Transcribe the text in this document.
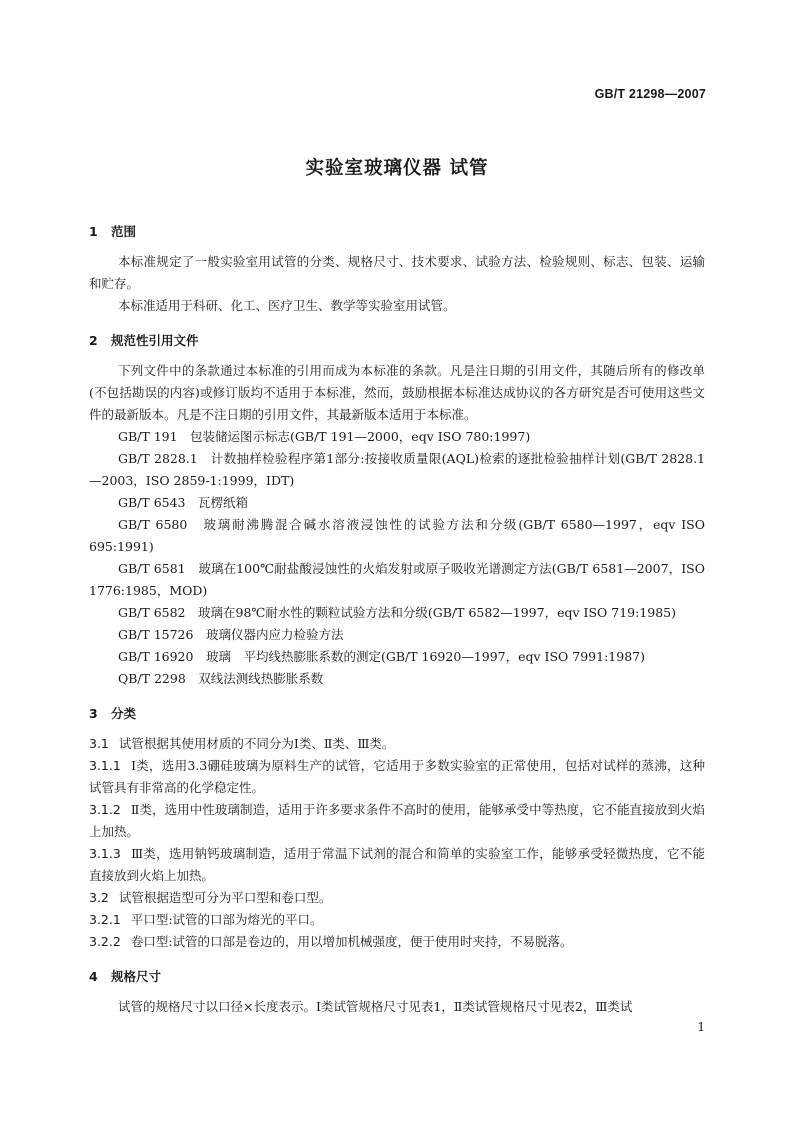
GB/T 21298—2007
实验室玻璃仪器 试管
1 范围

本标准规定了一般实验室用试管的分类、规格尺寸、技术要求、试验方法、检验规则、标志、包装、运输和贮存。

本标准适用于科研、化工、医疗卫生、教学等实验室用试管。

2 规范性引用文件

下列文件中的条款通过本标准的引用而成为本标准的条款。凡是注日期的引用文件，其随后所有的修改单(不包括勘误的内容)或修订版均不适用于本标准，然而，鼓励根据本标准达成协议的各方研究是否可使用这些文件的最新版本。凡是不注日期的引用文件，其最新版本适用于本标准。

GB/T 191　包装储运图示标志(GB/T 191—2000，eqv ISO 780:1997)

GB/T 2828.1　计数抽样检验程序第1部分:按接收质量限(AQL)检索的逐批检验抽样计划(GB/T 2828.1—2003，ISO 2859-1:1999，IDT)

GB/T 6543　瓦楞纸箱

GB/T 6580　玻璃耐沸腾混合碱水溶液浸蚀性的试验方法和分级(GB/T 6580—1997，eqv ISO 695:1991)

GB/T 6581　玻璃在100℃耐盐酸浸蚀性的火焰发射或原子吸收光谱测定方法(GB/T 6581—2007，ISO 1776:1985，MOD)

GB/T 6582　玻璃在98℃耐水性的颗粒试验方法和分级(GB/T 6582—1997，eqv ISO 719:1985)

GB/T 15726　玻璃仪器内应力检验方法

GB/T 16920　玻璃　平均线热膨胀系数的测定(GB/T 16920—1997，eqv ISO 7991:1987)

QB/T 2298　双线法测线热膨胀系数

3 分类

3.1 试管根据其使用材质的不同分为Ⅰ类、Ⅱ类、Ⅲ类。

3.1.1 Ⅰ类，选用3.3硼硅玻璃为原料生产的试管，它适用于多数实验室的正常使用，包括对试样的蒸沸，这种试管具有非常高的化学稳定性。

3.1.2 Ⅱ类，选用中性玻璃制造，适用于许多要求条件不高时的使用，能够承受中等热度，它不能直接放到火焰上加热。

3.1.3 Ⅲ类，选用钠钙玻璃制造，适用于常温下试剂的混合和简单的实验室工作，能够承受轻微热度，它不能直接放到火焰上加热。

3.2 试管根据造型可分为平口型和卷口型。

3.2.1 平口型:试管的口部为熔光的平口。

3.2.2 卷口型:试管的口部是卷边的，用以增加机械强度，便于使用时夹持，不易脱落。

4 规格尺寸

试管的规格尺寸以口径×长度表示。Ⅰ类试管规格尺寸见表1，Ⅱ类试管规格尺寸见表2，Ⅲ类试

1
